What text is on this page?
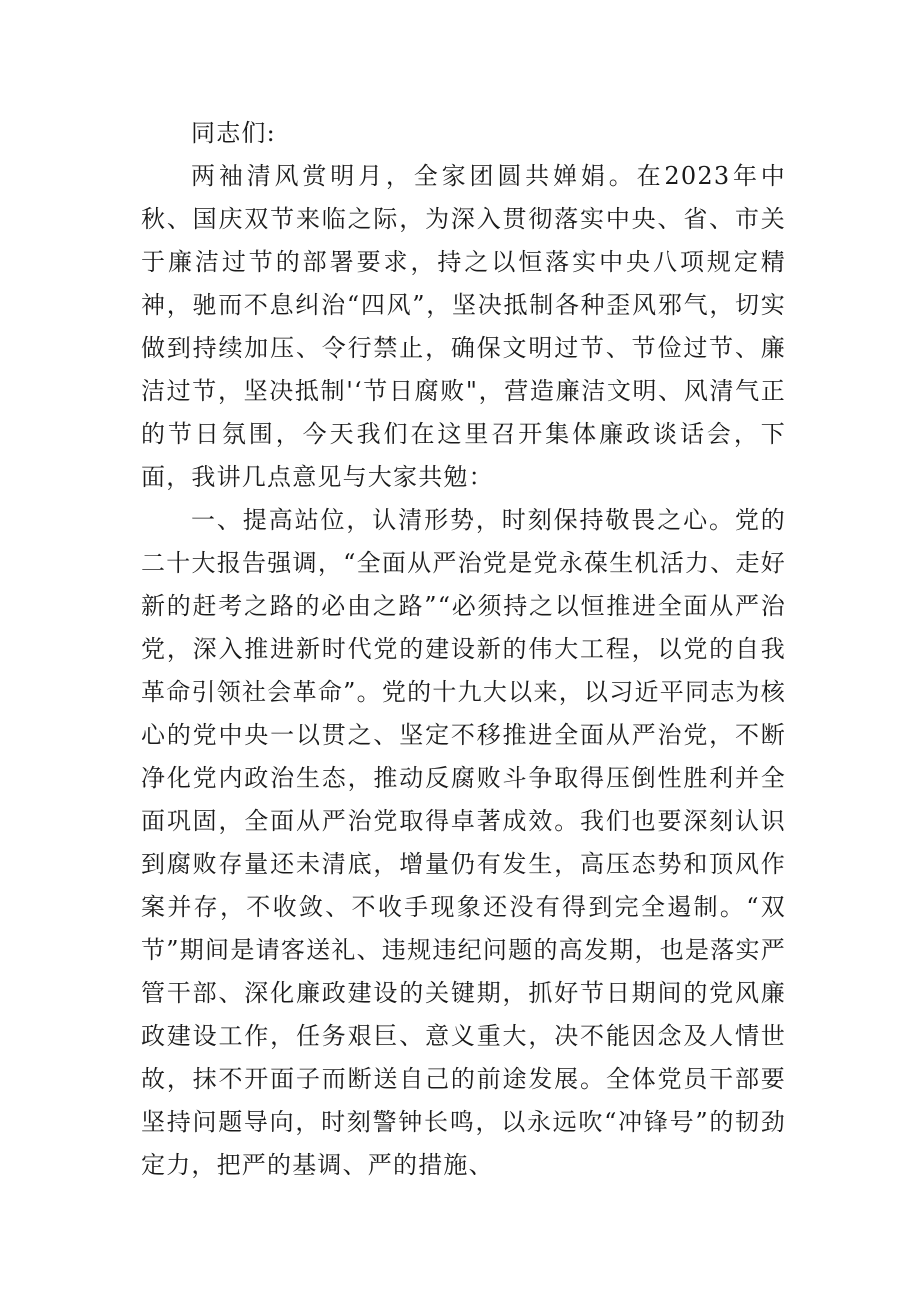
同志们:

两袖清风赏明月，全家团圆共婵娟。在2023年中秋、国庆双节来临之际，为深入贯彻落实中央、省、市关于廉洁过节的部署要求，持之以恒落实中央八项规定精神，驰而不息纠治“四风”，坚决抵制各种歪风邪气，切实做到持续加压、令行禁止，确保文明过节、节俭过节、廉洁过节，坚决抵制'‘节日腐败"，营造廉洁文明、风清气正的节日氛围，今天我们在这里召开集体廉政谈话会，下面，我讲几点意见与大家共勉：

一、提高站位，认清形势，时刻保持敬畏之心。党的二十大报告强调，“全面从严治党是党永葆生机活力、走好新的赶考之路的必由之路”“必须持之以恒推进全面从严治党，深入推进新时代党的建设新的伟大工程，以党的自我革命引领社会革命”。党的十九大以来，以习近平同志为核心的党中央一以贯之、坚定不移推进全面从严治党，不断净化党内政治生态，推动反腐败斗争取得压倒性胜利并全面巩固，全面从严治党取得卓著成效。我们也要深刻认识到腐败存量还未清底，增量仍有发生，高压态势和顶风作案并存，不收敛、不收手现象还没有得到完全遏制。“双节”期间是请客送礼、违规违纪问题的高发期，也是落实严管干部、深化廉政建设的关键期，抓好节日期间的党风廉政建设工作，任务艰巨、意义重大，决不能因念及人情世故，抹不开面子而断送自己的前途发展。全体党员干部要坚持问题导向，时刻警钟长鸣，以永远吹“冲锋号”的韧劲定力，把严的基调、严的措施、
